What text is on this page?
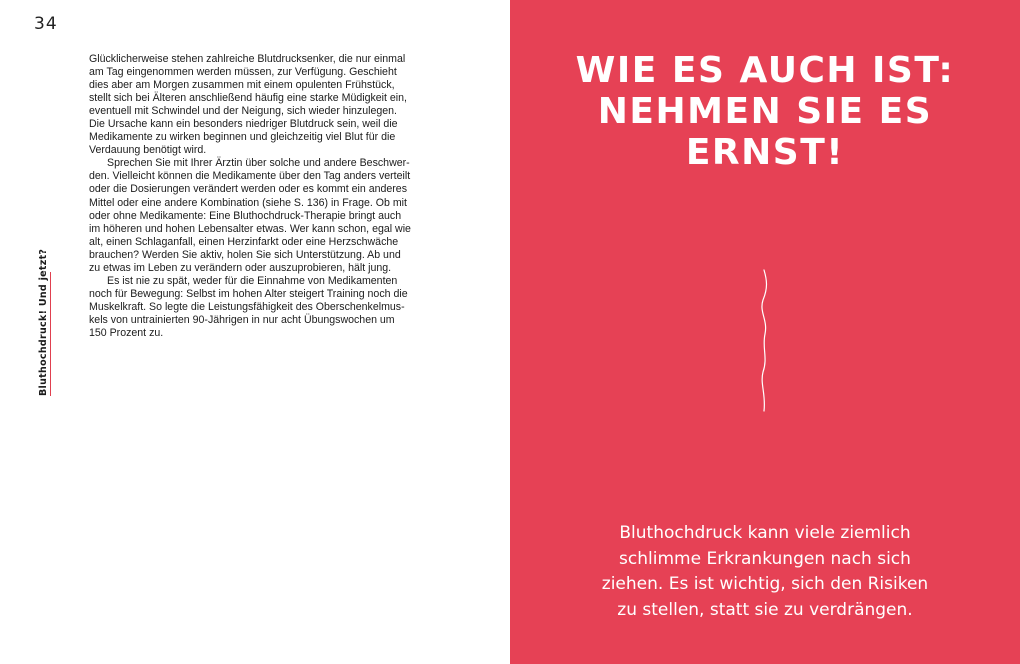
34
Bluthochdruck! Und jetzt?
Glücklicherweise stehen zahlreiche Blutdrucksenker, die nur einmal
am Tag eingenommen werden müssen, zur Verfügung. Geschieht
dies aber am Morgen zusammen mit einem opulenten Frühstück,
stellt sich bei Älteren anschließend häufig eine starke Müdigkeit ein,
eventuell mit Schwindel und der Neigung, sich wieder hinzulegen.
Die Ursache kann ein besonders niedriger Blutdruck sein, weil die
Medikamente zu wirken beginnen und gleichzeitig viel Blut für die
Verdauung benötigt wird.
Sprechen Sie mit Ihrer Ärztin über solche und andere Beschwer-
den. Vielleicht können die Medikamente über den Tag anders verteilt
oder die Dosierungen verändert werden oder es kommt ein anderes
Mittel oder eine andere Kombination (siehe S. 136) in Frage. Ob mit
oder ohne Medikamente: Eine Bluthochdruck-Therapie bringt auch
im höheren und hohen Lebensalter etwas. Wer kann schon, egal wie
alt, einen Schlaganfall, einen Herzinfarkt oder eine Herzschwäche
brauchen? Werden Sie aktiv, holen Sie sich Unterstützung. Ab und
zu etwas im Leben zu verändern oder auszuprobieren, hält jung.
Es ist nie zu spät, weder für die Einnahme von Medikamenten
noch für Bewegung: Selbst im hohen Alter steigert Training noch die
Muskelkraft. So legte die Leistungsfähigkeit des Oberschenkelmus-
kels von untrainierten 90-Jährigen in nur acht Übungswochen um
150 Prozent zu.
WIE ES AUCH IST:
NEHMEN SIE ES
ERNST!
Bluthochdruck kann viele ziemlich
schlimme Erkrankungen nach sich
ziehen. Es ist wichtig, sich den Risiken
zu stellen, statt sie zu verdrängen.
